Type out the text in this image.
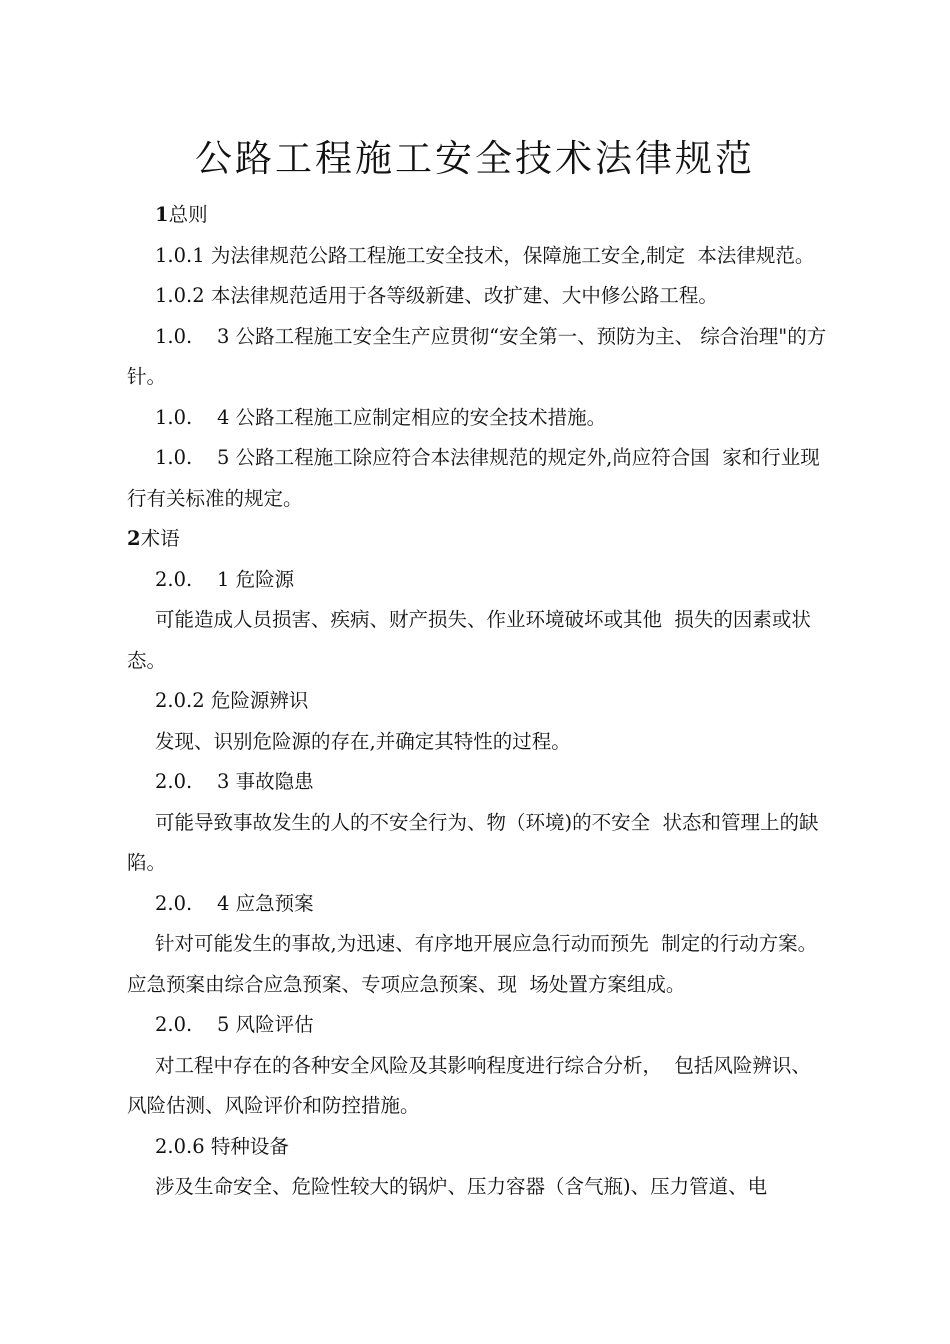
公路工程施工安全技术法律规范

1总则

1.0.1 为法律规范公路工程施工安全技术，保障施工安全,制定  本法律规范。

1.0.2 本法律规范适用于各等级新建、改扩建、大中修公路工程。

1.0.    3 公路工程施工安全生产应贯彻“安全第一、预防为主、 综合治理"的方针。

1.0.    4 公路工程施工应制定相应的安全技术措施。

1.0.    5 公路工程施工除应符合本法律规范的规定外,尚应符合国  家和行业现行有关标准的规定。

2术语

2.0.    1 危险源

可能造成人员损害、疾病、财产损失、作业环境破坏或其他  损失的因素或状态。

2.0.2 危险源辨识

发现、识别危险源的存在,并确定其特性的过程。

2.0.    3 事故隐患

可能导致事故发生的人的不安全行为、物（环境)的不安全  状态和管理上的缺陷。

2.0.    4 应急预案

针对可能发生的事故,为迅速、有序地开展应急行动而预先  制定的行动方案。应急预案由综合应急预案、专项应急预案、现  场处置方案组成。

2.0.    5 风险评估

对工程中存在的各种安全风险及其影响程度进行综合分析，  包括风险辨识、风险估测、风险评价和防控措施。

2.0.6 特种设备

涉及生命安全、危险性较大的锅炉、压力容器（含气瓶)、压力管道、电
